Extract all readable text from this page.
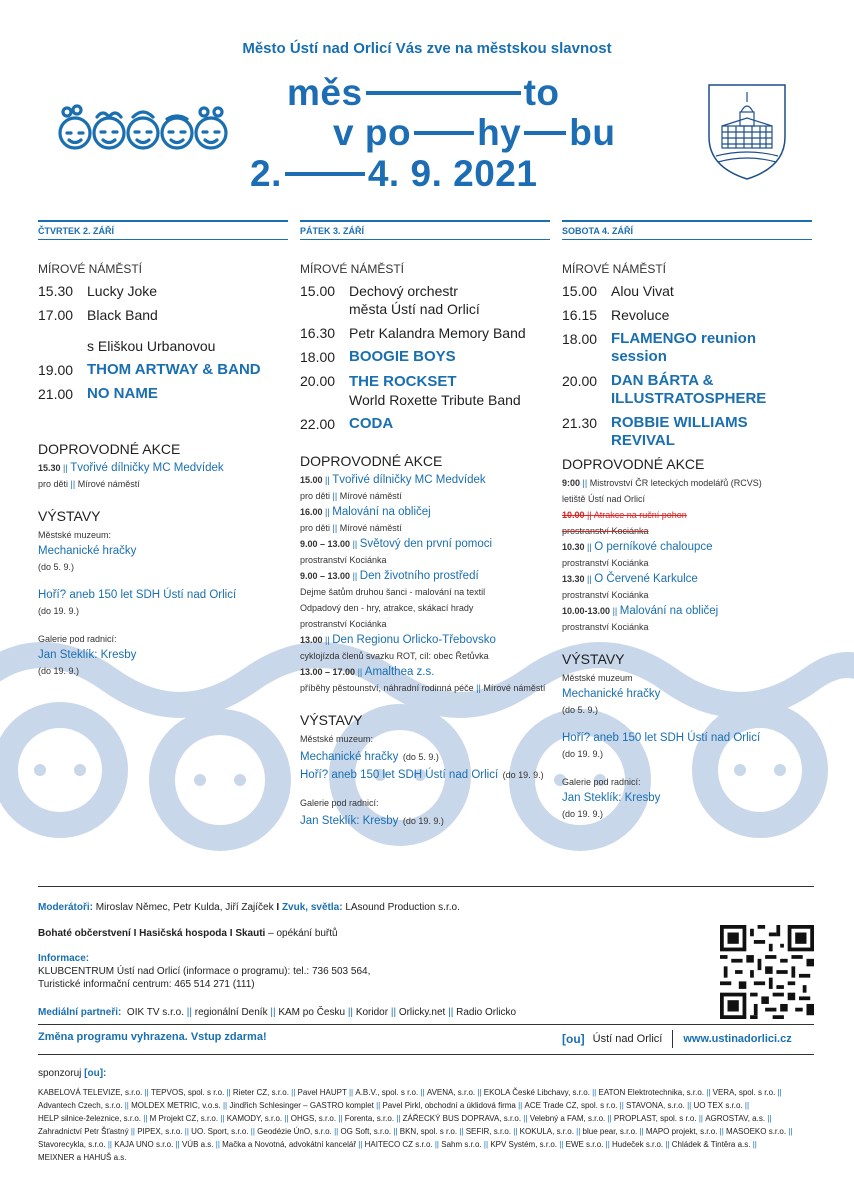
Město Ústí nad Orlicí Vás zve na městskou slavnost
měs	to
v po hy bu
2. 4. 9. 2021
ČTVRTEK 2. ZÁŘÍ
MÍROVÉ NÁMĚSTÍ
15.30 Lucky Joke
17.00 Black Band
s Eliškou Urbanovou
19.00 THOM ARTWAY & BAND
21.00 NO NAME
DOPROVODNÉ AKCE
15.30 || Tvořivé dílničky MC Medvídek
pro děti || Mírové náměstí
VÝSTAVY
Městské muzeum:
Mechanické hračky
(do 5. 9.)
Hoří? aneb 150 let SDH Ústí nad Orlicí
(do 19. 9.)
Galerie pod radnicí:
Jan Steklík: Kresby
(do 19. 9.)
PÁTEK 3. ZÁŘÍ
MÍROVÉ NÁMĚSTÍ
15.00 Dechový orchestr
města Ústí nad Orlicí
16.30 Petr Kalandra Memory Band
18.00 BOOGIE BOYS
20.00 THE ROCKSET
World Roxette Tribute Band
22.00 CODA
DOPROVODNÉ AKCE
15.00 || Tvořivé dílničky MC Medvídek
pro děti || Mírové náměstí
16.00 || Malování na obličej
pro děti || Mírové náměstí
9.00 – 13.00 || Světový den první pomoci
prostranství Kociánka
9.00 – 13.00 || Den životního prostředí
Dejme šatům druhou šanci - malování na textil
Odpadový den - hry, atrakce, skákací hrady
prostranství Kociánka
13.00 || Den Regionu Orlicko-Třebovsko
cyklojízda členů svazku ROT, cíl: obec Řetůvka
13.00 – 17.00 || Amalthea z.s.
příběhy pěstounství, náhradní rodinná péče || Mírové náměstí
VÝSTAVY
Městské muzeum:
Mechanické hračky (do 5. 9.)
Hoří? aneb 150 let SDH Ústí nad Orlicí (do 19. 9.)
Galerie pod radnicí:
Jan Steklík: Kresby (do 19. 9.)
SOBOTA 4. ZÁŘÍ
MÍROVÉ NÁMĚSTÍ
15.00 Alou Vivat
16.15 Revoluce
18.00 FLAMENGO reunion session
20.00 DAN BÁRTA & ILLUSTRATOSPHERE
21.30 ROBBIE WILLIAMS REVIVAL
DOPROVODNÉ AKCE
9:00 || Mistrovství ČR leteckých modelářů (RCVS)
letiště Ústí nad Orlicí
10.00 || Atrakce na ruční pohon
prostranství Kociánka
10.30 || O perníkové chaloupce
prostranství Kociánka
13.30 || O Červené Karkulce
prostranství Kociánka
10.00-13.00 || Malování na obličej
prostranství Kociánka
VÝSTAVY
Městské muzeum
Mechanické hračky
(do 5. 9.)
Hoří? aneb 150 let SDH Ústí nad Orlicí
(do 19. 9.)
Galerie pod radnicí:
Jan Steklík: Kresby
(do 19. 9.)
Moderátoři: Miroslav Němec, Petr Kulda, Jiří Zajíček I Zvuk, světla: LAsound Production s.r.o.
Bohaté občerstvení I Hasičská hospoda I Skauti – opékání buřtů
Informace:
KLUBCENTRUM Ústí nad Orlicí (informace o programu): tel.: 736 503 564,
Turistické informační centrum: 465 514 271 (111)
Mediální partneři: OIK TV s.r.o. || regionální Deník || KAM po Česku || Koridor || Orlicky.net || Radio Orlicko
Změna programu vyhrazena. Vstup zdarma!	[ou] Ústí nad Orlicí www.ustinadorlici.cz
sponzoruj [ou]:
KABELOVÁ TELEVIZE, s.r.o. || TEPVOS, spol. s r.o. || Rieter CZ, s.r.o. || Pavel HAUPT || A.B.V., spol. s r.o. || AVENA, s.r.o. || EKOLA České Libchavy, s.r.o. || EATON Elektrotechnika, s.r.o. || VERA, spol. s r.o. || Advantech Czech, s.r.o. || MOLDEX METRIC, v.o.s. || Jindřich Schlesinger – GASTRO komplet || Pavel Pirkl, obchodní a úklidová firma || ACE Trade CZ, spol. s r.o. || STAVONA, s.r.o. || UO TEX s.r.o. || HELP silnice-železnice, s.r.o. || M Projekt CZ, s.r.o. || KAMODY, s.r.o. || OHGS, s.r.o. || Forenta, s.r.o. || ZÁŘECKÝ BUS DOPRAVA, s.r.o. || Velebný a FAM, s.r.o. || PROPLAST, spol. s r.o. || AGROSTAV, a.s. || Zahradnictví Petr Šťastný || PIPEX, s.r.o. || UO. Sport, s.r.o. || Geodézie ÚnO, s.r.o. || OG Soft, s.r.o. || BKN, spol. s r.o. || SEFIR, s.r.o. || KOKULA, s.r.o. || blue pear, s.r.o. || MAPO projekt, s.r.o. || MASOEKO s.r.o. || Stavorecykla, s.r.o. || KAJA UNO s.r.o. || VÚB a.s. || Mačka a Novotná, advokátní kancelář || HAITECO CZ s.r.o. || Sahm s.r.o. || KPV Systém, s.r.o. || EWE s.r.o. || Hudeček s.r.o. || Chládek & Tintěra a.s. || MEIXNER a HAHUŠ a.s.
